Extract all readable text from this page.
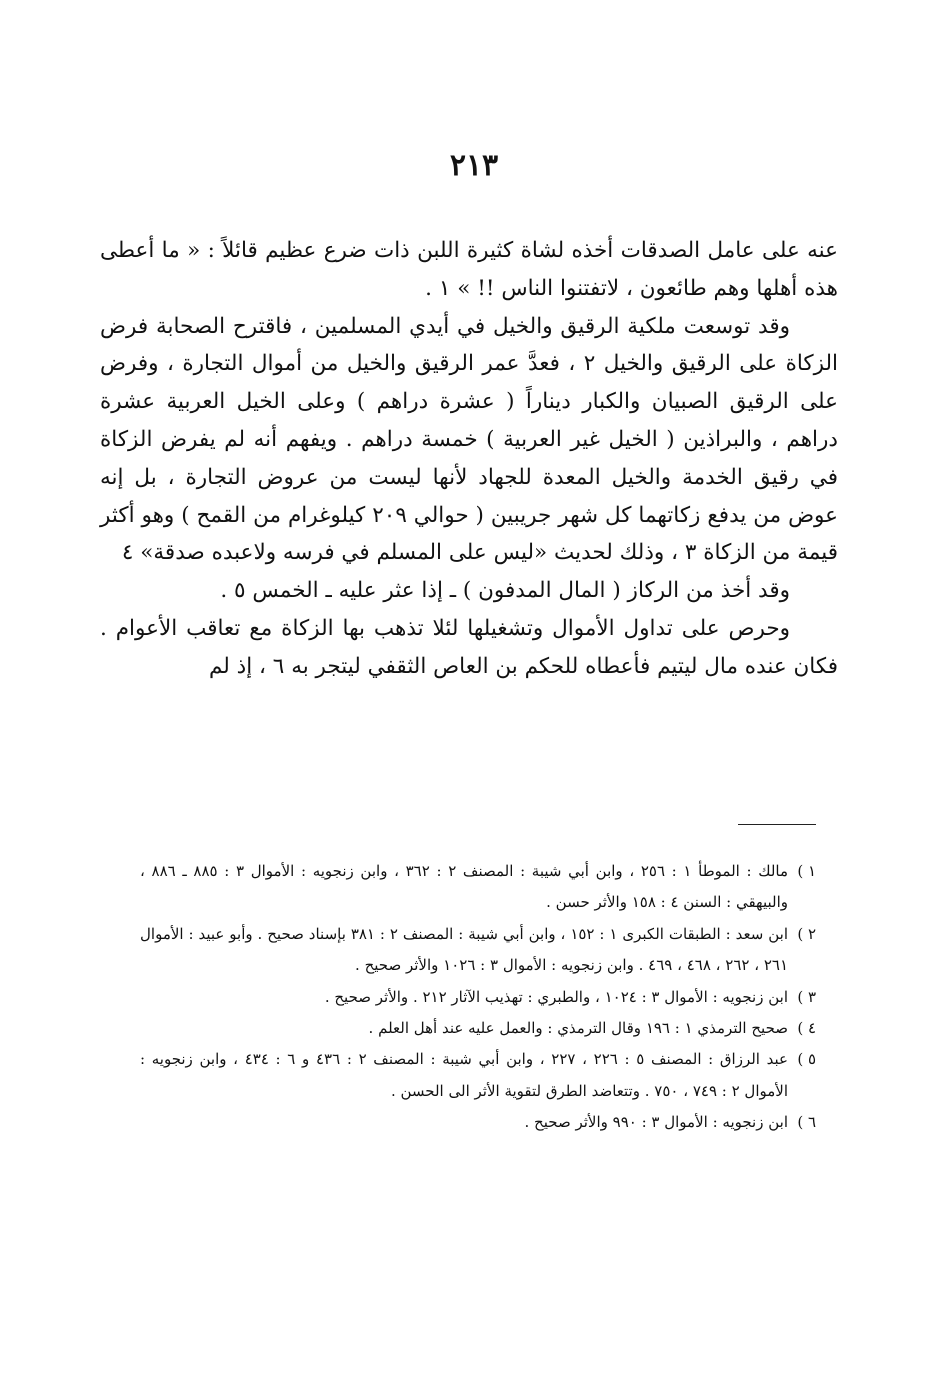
٢١٣

عنه على عامل الصدقات أخذه لشاة كثيرة اللبن ذات ضرع عظيم قائلاً : « ما أعطى هذه أهلها وهم طائعون ، لاتفتنوا الناس !! » ١ .

وقد توسعت ملكية الرقيق والخيل في أيدي المسلمين ، فاقترح الصحابة فرض الزكاة على الرقيق والخيل ٢ ، فعدَّ عمر الرقيق والخيل من أموال التجارة ، وفرض على الرقيق الصبيان والكبار ديناراً ( عشرة دراهم ) وعلى الخيل العربية عشرة دراهم ، والبراذين ( الخيل غير العربية ) خمسة دراهم . ويفهم أنه لم يفرض الزكاة في رقيق الخدمة والخيل المعدة للجهاد لأنها ليست من عروض التجارة ، بل إنه عوض من يدفع زكاتهما كل شهر جريبين ( حوالي ٢٠٩ كيلوغرام من القمح ) وهو أكثر قيمة من الزكاة ٣ ، وذلك لحديث «ليس على المسلم في فرسه ولاعبده صدقة» ٤

وقد أخذ من الركاز ( المال المدفون ) ـ إذا عثر عليه ـ الخمس ٥ .

وحرص على تداول الأموال وتشغيلها لئلا تذهب بها الزكاة مع تعاقب الأعوام . فكان عنده مال ليتيم فأعطاه للحكم بن العاص الثقفي ليتجر به ٦ ، إذ لم

١ )
مالك : الموطأ ١ : ٢٥٦ ، وابن أبي شيبة : المصنف ٢ : ٣٦٢ ، وابن زنجويه : الأموال ٣ : ٨٨٥ ـ ٨٨٦ ، والبيهقي : السنن ٤ : ١٥٨ والأثر حسن .
٢ )
ابن سعد : الطبقات الكبرى ١ : ١٥٢ ، وابن أبي شيبة : المصنف ٢ : ٣٨١ بإسناد صحيح . وأبو عبيد : الأموال ٢٦١ ، ٢٦٢ ، ٤٦٨ ، ٤٦٩ . وابن زنجويه : الأموال ٣ : ١٠٢٦ والأثر صحيح .
٣ )
ابن زنجويه : الأموال ٣ : ١٠٢٤ ، والطبري : تهذيب الآثار ٢١٢ . والأثر صحيح .
٤ )
صحيح الترمذي ١ : ١٩٦ وقال الترمذي : والعمل عليه عند أهل العلم .
٥ )
عبد الرزاق : المصنف ٥ : ٢٢٦ ، ٢٢٧ ، وابن أبي شيبة : المصنف ٢ : ٤٣٦ و ٦ : ٤٣٤ ، وابن زنجويه : الأموال ٢ : ٧٤٩ ، ٧٥٠ . وتتعاضد الطرق لتقوية الأثر الى الحسن .
٦ )
ابن زنجويه : الأموال ٣ : ٩٩٠ والأثر صحيح .
